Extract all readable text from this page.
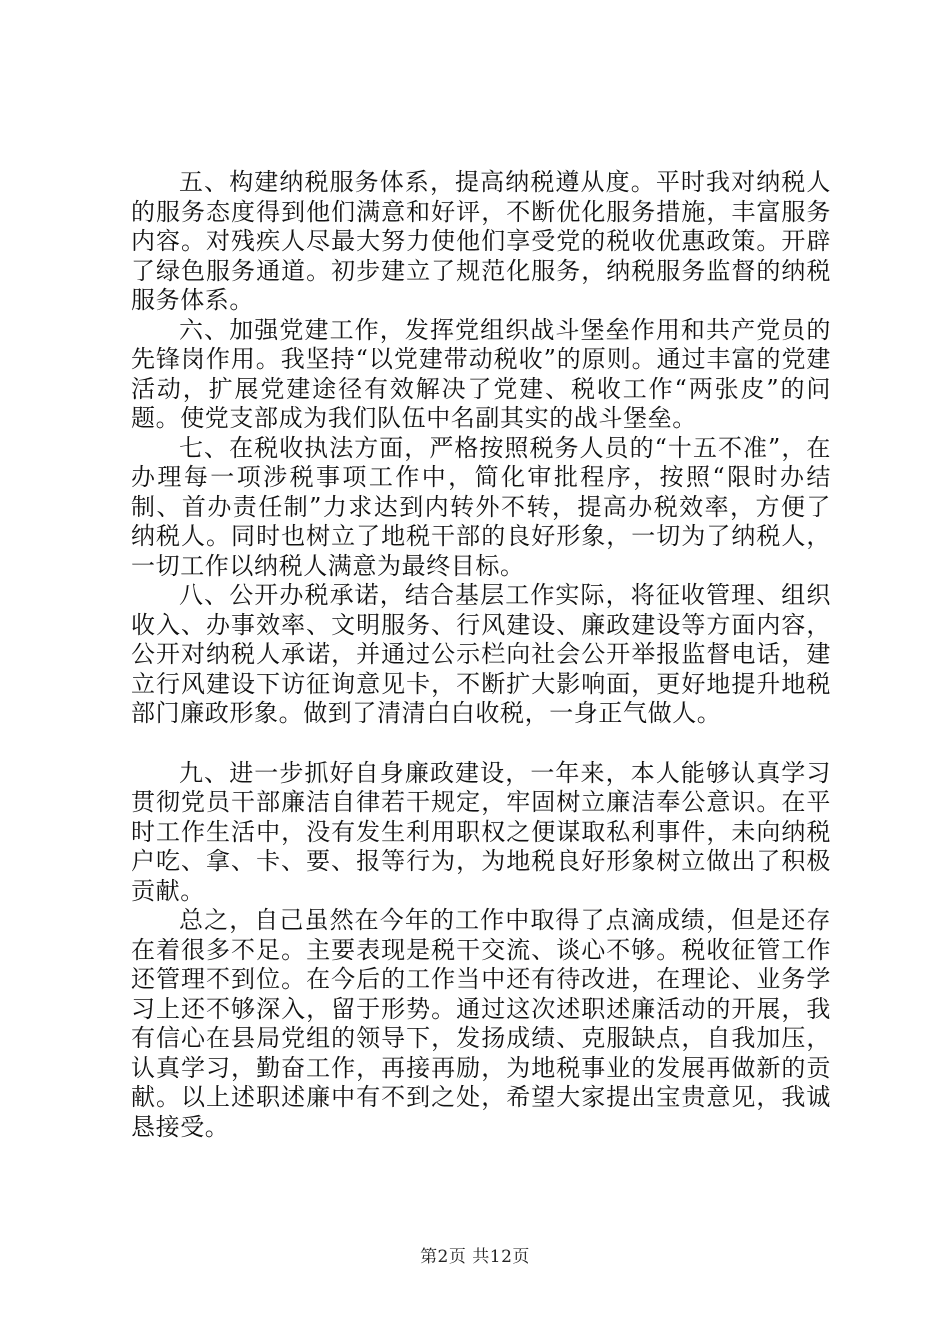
五、构建纳税服务体系，提高纳税遵从度。平时我对纳税人的服务态度得到他们满意和好评，不断优化服务措施，丰富服务内容。对残疾人尽最大努力使他们享受党的税收优惠政策。开辟了绿色服务通道。初步建立了规范化服务，纳税服务监督的纳税服务体系。

六、加强党建工作，发挥党组织战斗堡垒作用和共产党员的先锋岗作用。我坚持“以党建带动税收”的原则。通过丰富的党建活动，扩展党建途径有效解决了党建、税收工作“两张皮”的问题。使党支部成为我们队伍中名副其实的战斗堡垒。

七、在税收执法方面，严格按照税务人员的“十五不准”，在办理每一项涉税事项工作中，简化审批程序，按照“限时办结制、首办责任制”力求达到内转外不转，提高办税效率，方便了纳税人。同时也树立了地税干部的良好形象，一切为了纳税人，一切工作以纳税人满意为最终目标。

八、公开办税承诺，结合基层工作实际，将征收管理、组织收入、办事效率、文明服务、行风建设、廉政建设等方面内容，公开对纳税人承诺，并通过公示栏向社会公开举报监督电话，建立行风建设下访征询意见卡，不断扩大影响面，更好地提升地税部门廉政形象。做到了清清白白收税，一身正气做人。

九、进一步抓好自身廉政建设，一年来，本人能够认真学习贯彻党员干部廉洁自律若干规定，牢固树立廉洁奉公意识。在平时工作生活中，没有发生利用职权之便谋取私利事件，未向纳税户吃、拿、卡、要、报等行为，为地税良好形象树立做出了积极贡献。

总之，自己虽然在今年的工作中取得了点滴成绩，但是还存在着很多不足。主要表现是税干交流、谈心不够。税收征管工作还管理不到位。在今后的工作当中还有待改进，在理论、业务学习上还不够深入，留于形势。通过这次述职述廉活动的开展，我有信心在县局党组的领导下，发扬成绩、克服缺点，自我加压，认真学习，勤奋工作，再接再励，为地税事业的发展再做新的贡献。以上述职述廉中有不到之处，希望大家提出宝贵意见，我诚恳接受。

第2页 共12页
